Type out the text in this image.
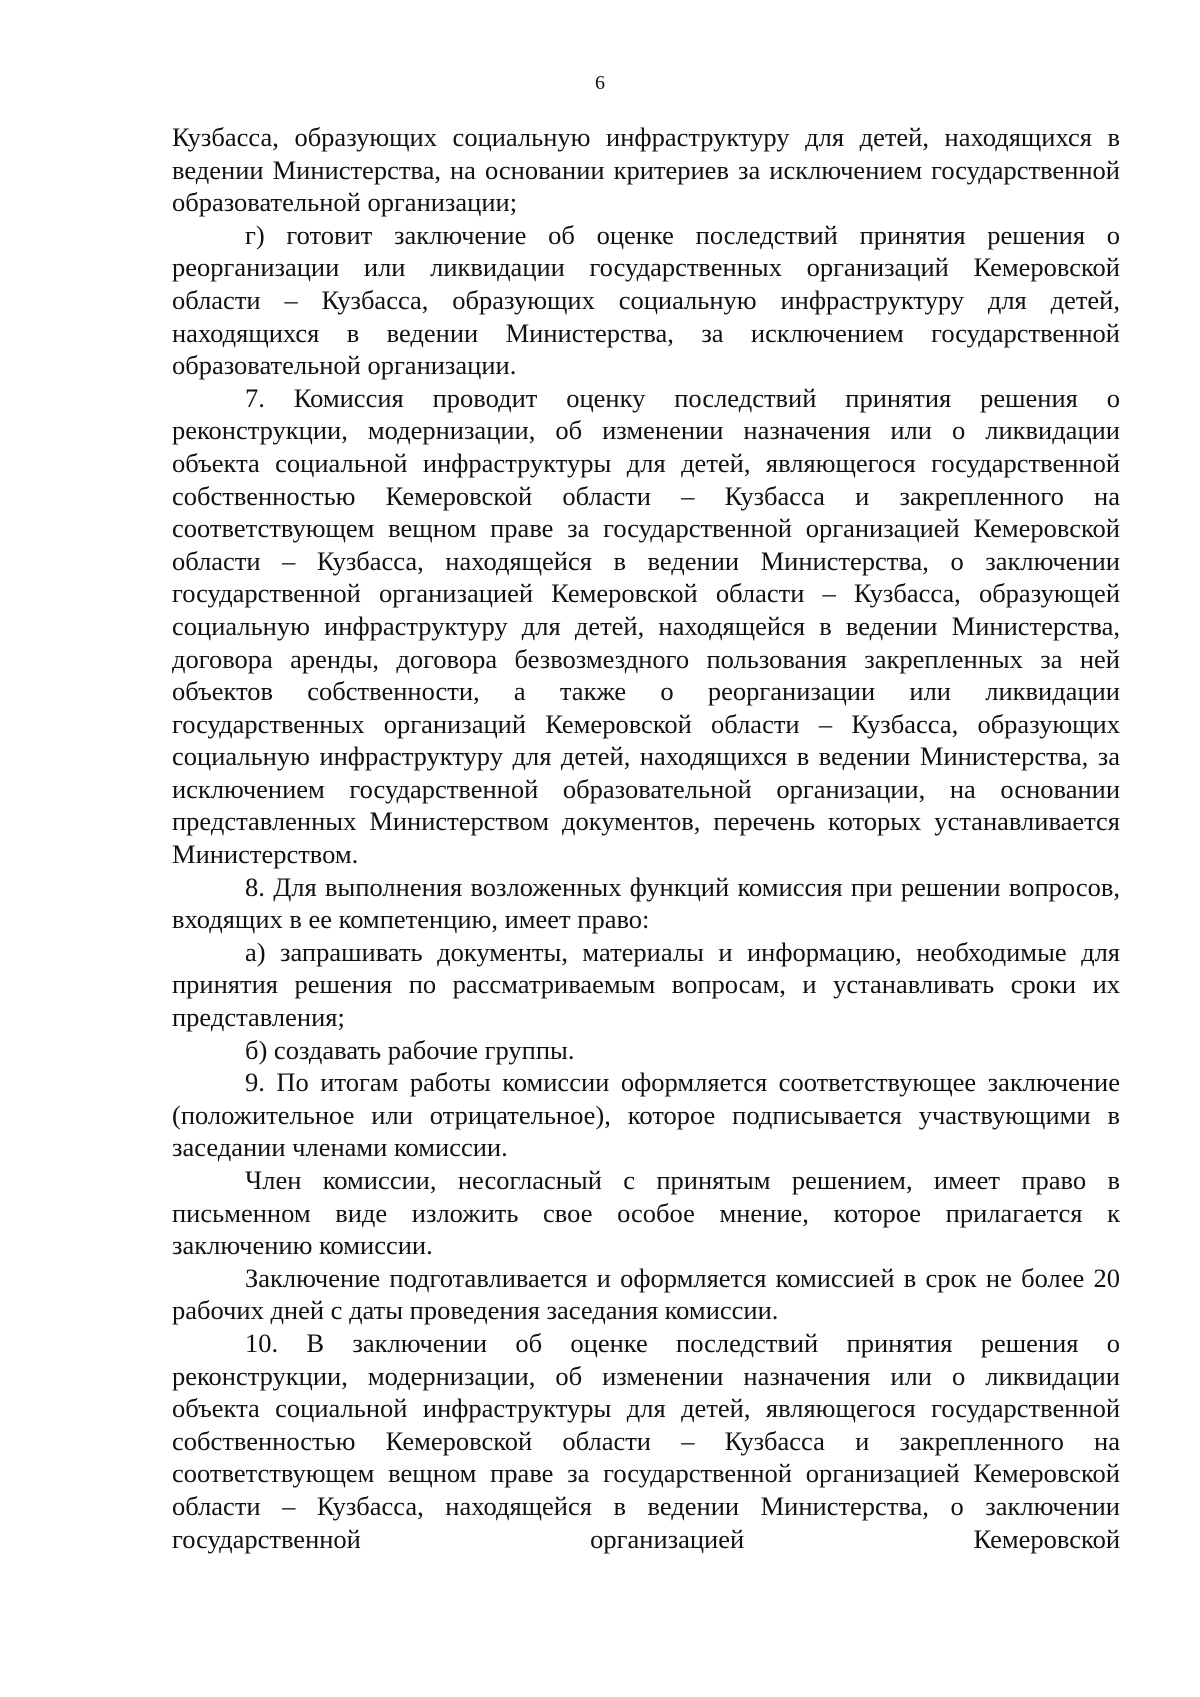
6

Кузбасса, образующих социальную инфраструктуру для детей, находящихся в ведении Министерства, на основании критериев за исключением государственной образовательной организации;

г) готовит заключение об оценке последствий принятия решения о реорганизации или ликвидации государственных организаций Кемеровской области – Кузбасса, образующих социальную инфраструктуру для детей, находящихся в ведении Министерства, за исключением государственной образовательной организации.

7. Комиссия проводит оценку последствий принятия решения о реконструкции, модернизации, об изменении назначения или о ликвидации объекта социальной инфраструктуры для детей, являющегося государственной собственностью Кемеровской области – Кузбасса и закрепленного на соответствующем вещном праве за государственной организацией Кемеровской области – Кузбасса, находящейся в ведении Министерства, о заключении государственной организацией Кемеровской области – Кузбасса, образующей социальную инфраструктуру для детей, находящейся в ведении Министерства, договора аренды, договора безвозмездного пользования закрепленных за ней объектов собственности, а также о реорганизации или ликвидации государственных организаций Кемеровской области – Кузбасса, образующих социальную инфраструктуру для детей, находящихся в ведении Министерства, за исключением государственной образовательной организации, на основании представленных Министерством документов, перечень которых устанавливается Министерством.

8. Для выполнения возложенных функций комиссия при решении вопросов, входящих в ее компетенцию, имеет право:

а) запрашивать документы, материалы и информацию, необходимые для принятия решения по рассматриваемым вопросам, и устанавливать сроки их представления;

б) создавать рабочие группы.

9. По итогам работы комиссии оформляется соответствующее заключение (положительное или отрицательное), которое подписывается участвующими в заседании членами комиссии.

Член комиссии, несогласный с принятым решением, имеет право в письменном виде изложить свое особое мнение, которое прилагается к заключению комиссии.

Заключение подготавливается и оформляется комиссией в срок не более 20 рабочих дней с даты проведения заседания комиссии.

10. В заключении об оценке последствий принятия решения о реконструкции, модернизации, об изменении назначения или о ликвидации объекта социальной инфраструктуры для детей, являющегося государственной собственностью Кемеровской области – Кузбасса и закрепленного на соответствующем вещном праве за государственной организацией Кемеровской области – Кузбасса, находящейся в ведении Министерства, о заключении государственной организацией Кемеровской
